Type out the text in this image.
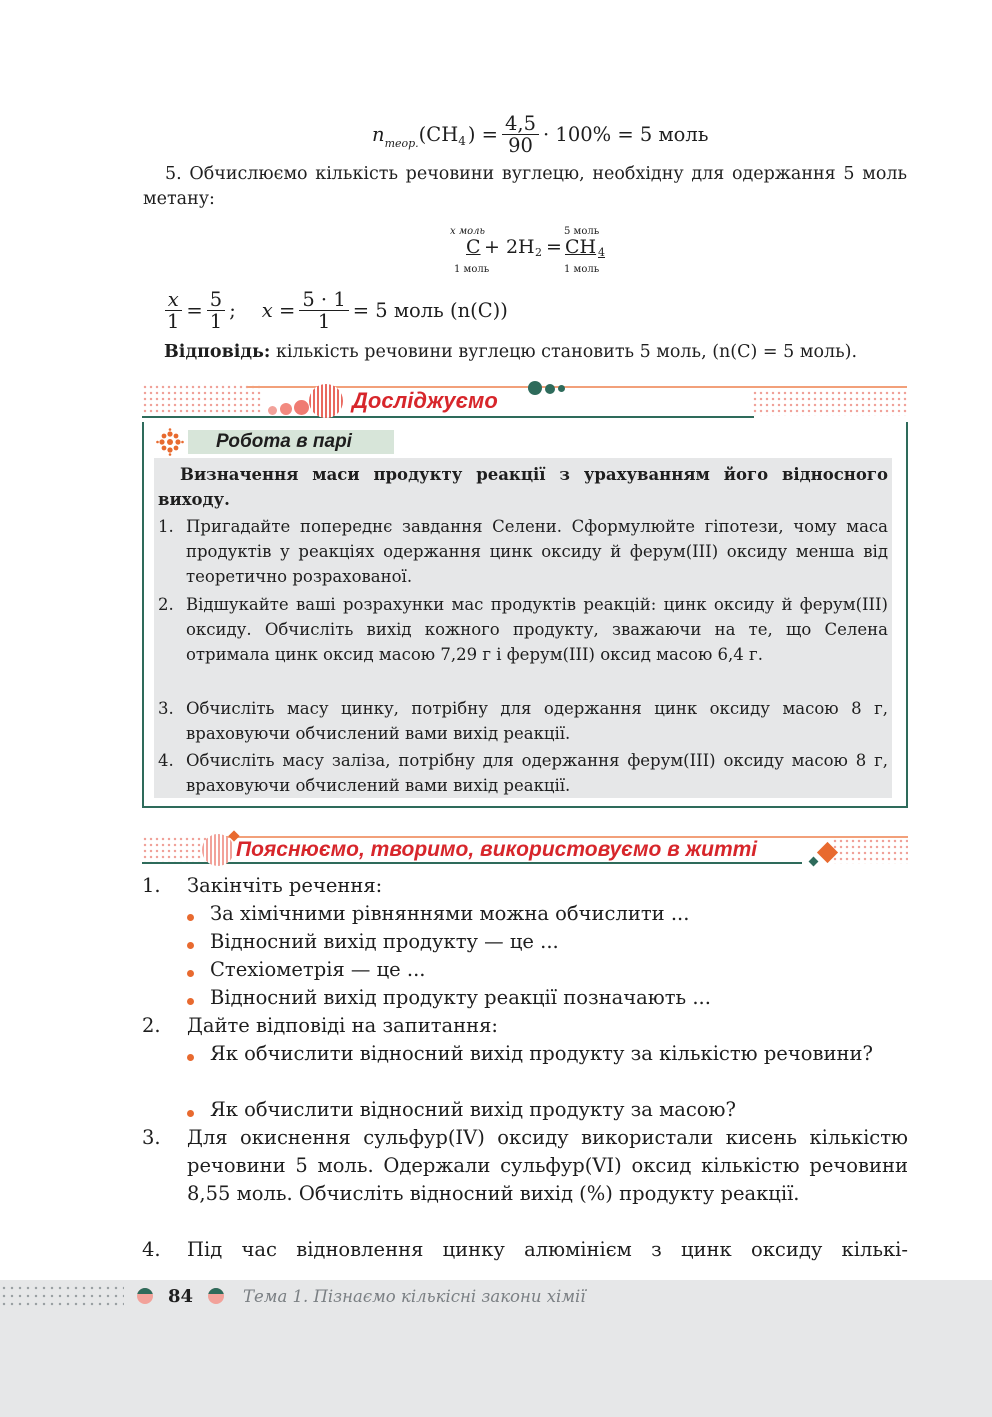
n теор. (CH 4 ) = $\frac{4,5}{90} \cdot 100\% = 5$ моль
5. Обчислюємо кількість речовини вуглецю, необхідну для одержання 5 моль метану:
x моль	5 моль
C + 2H 2 = CH 4
1 моль	1 моль
$\frac{x}{1} = \frac{5}{1}$ ; $x = \frac{5 \cdot 1}{1} = 5$ моль (n(C))
Відповідь: кількість речовини вуглецю становить 5 моль, (n(C) = 5 моль).
Досліджуємо
Робота в парі
Визначення маси продукту реакції з урахуванням його відносного виходу.
1. Пригадайте попереднє завдання Селени. Сформулюйте гіпотези, чому маса продуктів у реакціях одержання цинк оксиду й ферум(III) оксиду менша від теоретично розрахованої.
2. Відшукайте ваші розрахунки мас продуктів реакцій: цинк оксиду й ферум(III) оксиду. Обчисліть вихід кожного продукту, зважаючи на те, що Селена отримала цинк оксид масою 7,29 г і ферум(III) оксид масою 6,4 г.
3. Обчисліть масу цинку, потрібну для одержання цинк оксиду масою 8 г, враховуючи обчислений вами вихід реакції.
4. Обчисліть масу заліза, потрібну для одержання ферум(III) оксиду масою 8 г, враховуючи обчислений вами вихід реакції.
Пояснюємо, творимо, використовуємо в житті
1. Закінчіть речення:
За хімічними рівняннями можна обчислити ...
Відносний вихід продукту — це ...
Стехіометрія — це ...
Відносний вихід продукту реакції позначають ...
2. Дайте відповіді на запитання:
Як обчислити відносний вихід продукту за кількістю речовини?
Як обчислити відносний вихід продукту за масою?
3. Для окиснення сульфур(IV) оксиду використали кисень кількістю речовини 5 моль. Одержали сульфур(VI) оксид кількістю речовини 8,55 моль. Обчисліть відносний вихід (%) продукту реакції.
4. Під час відновлення цинку алюмінієм з цинк оксиду кількі-
84	Тема 1. Пізнаємо кількісні закони хімії
